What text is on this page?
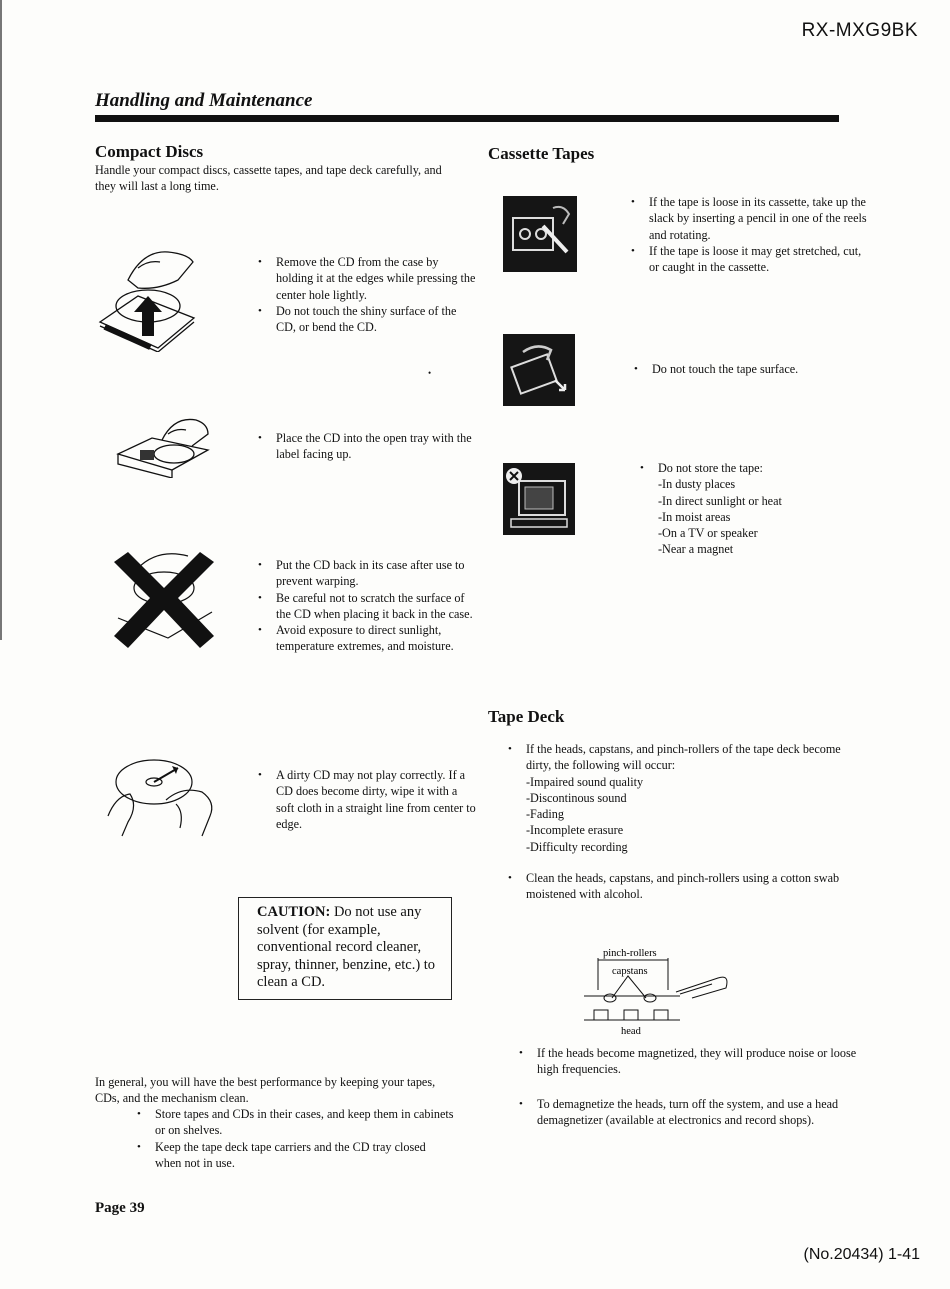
RX-MXG9BK
Handling and Maintenance
Compact Discs
Handle your compact discs, cassette tapes, and tape deck carefully, and they will last a long time.
• Remove the CD from the case by holding it at the edges while pressing the center hole lightly.
• Do not touch the shiny surface of the CD, or bend the CD.
•
• Place the CD into the open tray with the label facing up.
• Put the CD back in its case after use to prevent warping.
• Be careful not to scratch the surface of the CD when placing it back in the case.
• Avoid exposure to direct sunlight, temperature extremes, and moisture.
• A dirty CD may not play correctly. If a CD does become dirty, wipe it with a soft cloth in a straight line from center to edge.
CAUTION: Do not use any solvent (for example, conventional record cleaner, spray, thinner, benzine, etc.) to clean a CD.
In general, you will have the best performance by keeping your tapes, CDs, and the mechanism clean.
• Store tapes and CDs in their cases, and keep them in cabinets or on shelves.
• Keep the tape deck tape carriers and the CD tray closed when not in use.
Cassette Tapes
• If the tape is loose in its cassette, take up the slack by inserting a pencil in one of the reels and rotating.
• If the tape is loose it may get stretched, cut, or caught in the cassette.
• Do not touch the tape surface.
• Do not store the tape:
-In dusty places
-In direct sunlight or heat
-In moist areas
-On a TV or speaker
-Near a magnet
Tape Deck
• If the heads, capstans, and pinch-rollers of the tape deck become dirty, the following will occur:
-Impaired sound quality
-Discontinous sound
-Fading
-Incomplete erasure
-Difficulty recording
• Clean the heads, capstans, and pinch-rollers using a cotton swab moistened with alcohol.
pinch-rollers
capstans
head
• If the heads become magnetized, they will produce noise or loose high frequencies.
• To demagnetize the heads, turn off the system, and use a head demagnetizer (available at electronics and record shops).
Page 39
(No.20434) 1-41
